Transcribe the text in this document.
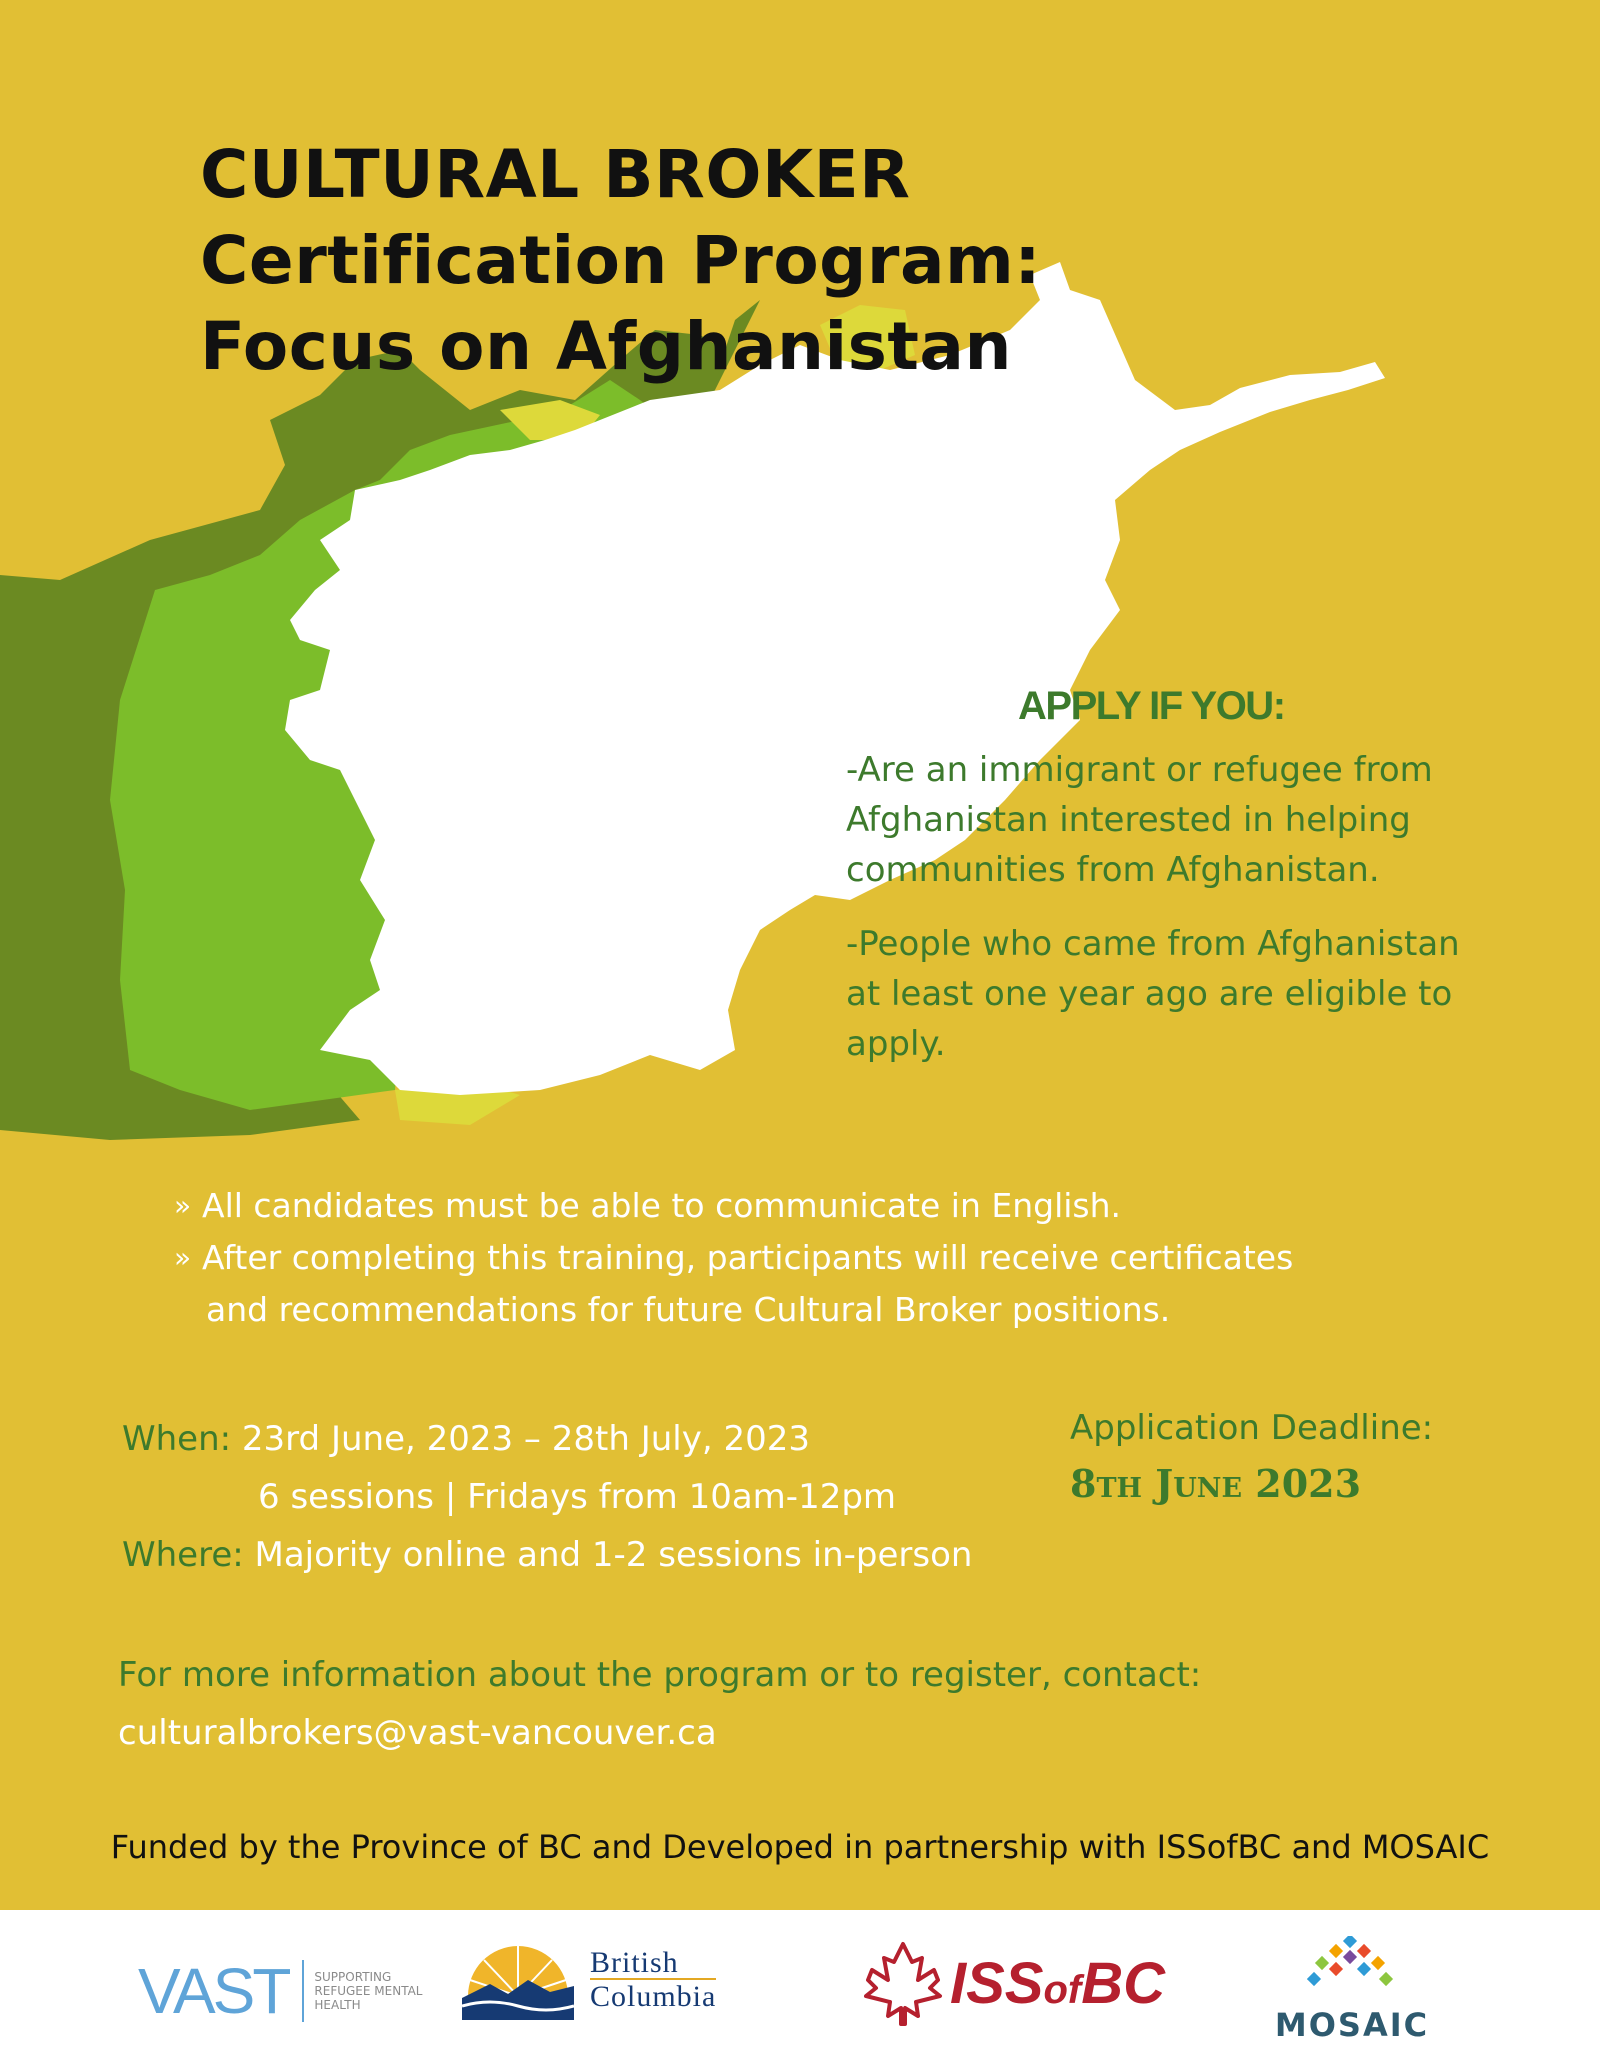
CULTURAL BROKER
Certification Program:
Focus on Afghanistan
APPLY IF YOU:

-Are an immigrant or refugee from Afghanistan interested in helping communities from Afghanistan.

-People who came from Afghanistan at least one year ago are eligible to apply.

» All candidates must be able to communicate in English.
» After completing this training, participants will receive certificates
and recommendations for future Cultural Broker positions.
When: 23rd June, 2023 – 28th July, 2023
6 sessions | Fridays from 10am-12pm
Where: Majority online and 1-2 sessions in-person
Application Deadline:
8th June 2023
For more information about the program or to register, contact:
culturalbrokers@vast-vancouver.ca
Funded by the Province of BC and Developed in partnership with ISSofBC and MOSAIC
VAST SUPPORTING REFUGEE MENTAL HEALTH
British
Columbia	ISSofBC
MOSAIC
